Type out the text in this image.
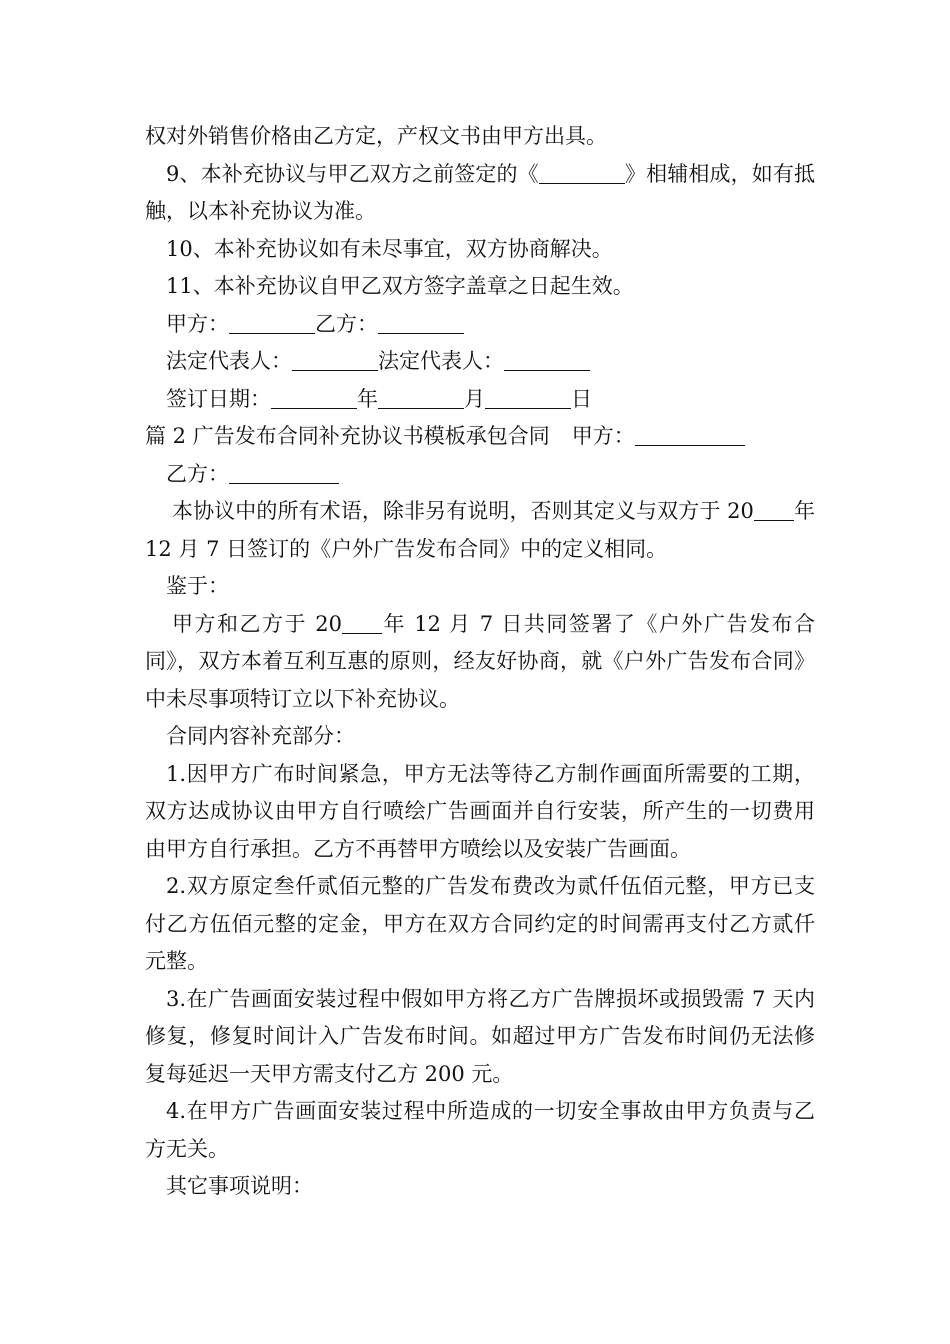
权对外销售价格由乙方定，产权文书由甲方出具。

9、本补充协议与甲乙双方之前签定的《	》相辅相成，如有抵触，以本补充协议为准。

10、本补充协议如有未尽事宜，双方协商解决。

11、本补充协议自甲乙双方签字盖章之日起生效。

甲方：	乙方：

法定代表人：	法定代表人：

签订日期：	年	月	日

篇 2 广告发布合同补充协议书模板承包合同 甲方：

乙方：

本协议中的所有术语，除非另有说明，否则其定义与双方于 20 年 12 月 7 日签订的《户外广告发布合同》中的定义相同。

鉴于：

甲方和乙方于 20 年 12 月 7 日共同签署了《户外广告发布合同》，双方本着互利互惠的原则，经友好协商，就《户外广告发布合同》中未尽事项特订立以下补充协议。

合同内容补充部分：

1.因甲方广布时间紧急，甲方无法等待乙方制作画面所需要的工期，双方达成协议由甲方自行喷绘广告画面并自行安装，所产生的一切费用由甲方自行承担。乙方不再替甲方喷绘以及安装广告画面。

2.双方原定叁仟贰佰元整的广告发布费改为贰仟伍佰元整，甲方已支付乙方伍佰元整的定金，甲方在双方合同约定的时间需再支付乙方贰仟元整。

3.在广告画面安装过程中假如甲方将乙方广告牌损坏或损毁需 7 天内修复，修复时间计入广告发布时间。如超过甲方广告发布时间仍无法修复每延迟一天甲方需支付乙方 200 元。

4.在甲方广告画面安装过程中所造成的一切安全事故由甲方负责与乙方无关。

其它事项说明：
